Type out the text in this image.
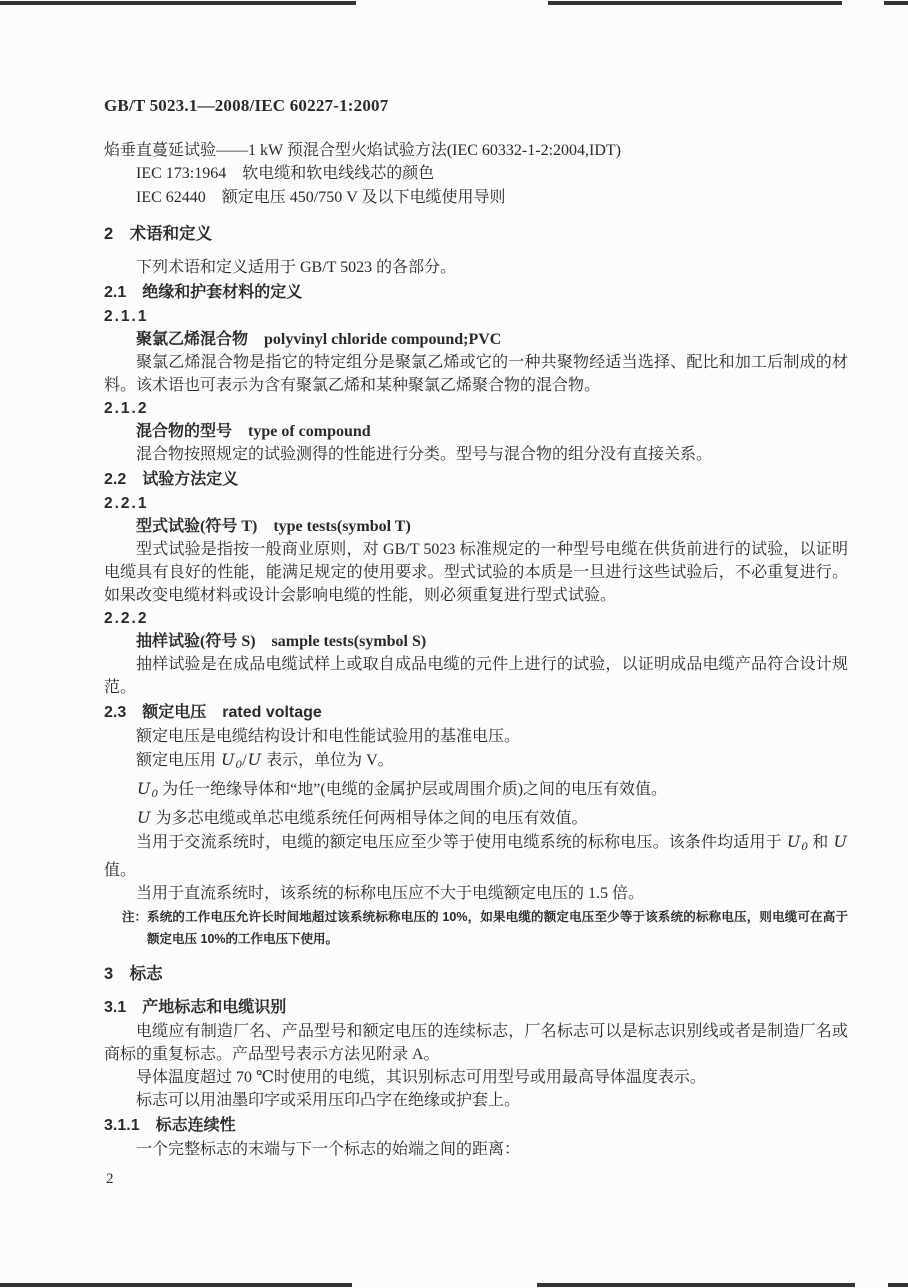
GB/T 5023.1—2008/IEC 60227-1:2007
焰垂直蔓延试验——1 kW 预混合型火焰试验方法(IEC 60332-1-2:2004,IDT)
IEC 173:1964　软电缆和软电线线芯的颜色
IEC 62440　额定电压 450/750 V 及以下电缆使用导则
2　术语和定义
下列术语和定义适用于 GB/T 5023 的各部分。
2.1　绝缘和护套材料的定义
2.1.1
聚氯乙烯混合物　polyvinyl chloride compound;PVC
聚氯乙烯混合物是指它的特定组分是聚氯乙烯或它的一种共聚物经适当选择、配比和加工后制成的材料。该术语也可表示为含有聚氯乙烯和某种聚氯乙烯聚合物的混合物。
2.1.2
混合物的型号　type of compound
混合物按照规定的试验测得的性能进行分类。型号与混合物的组分没有直接关系。
2.2　试验方法定义
2.2.1
型式试验(符号 T)　type tests(symbol T)
型式试验是指按一般商业原则，对 GB/T 5023 标准规定的一种型号电缆在供货前进行的试验，以证明电缆具有良好的性能，能满足规定的使用要求。型式试验的本质是一旦进行这些试验后，不必重复进行。如果改变电缆材料或设计会影响电缆的性能，则必须重复进行型式试验。
2.2.2
抽样试验(符号 S)　sample tests(symbol S)
抽样试验是在成品电缆试样上或取自成品电缆的元件上进行的试验，以证明成品电缆产品符合设计规范。
2.3　额定电压　rated voltage
额定电压是电缆结构设计和电性能试验用的基准电压。
额定电压用 U0/U 表示，单位为 V。
U0 为任一绝缘导体和“地”(电缆的金属护层或周围介质)之间的电压有效值。
U 为多芯电缆或单芯电缆系统任何两相导体之间的电压有效值。
当用于交流系统时，电缆的额定电压应至少等于使用电缆系统的标称电压。该条件均适用于 U0 和 U 值。
当用于直流系统时，该系统的标称电压应不大于电缆额定电压的 1.5 倍。
注： 系统的工作电压允许长时间地超过该系统标称电压的 10%，如果电缆的额定电压至少等于该系统的标称电压，则电缆可在高于额定电压 10%的工作电压下使用。
3　标志
3.1　产地标志和电缆识别
电缆应有制造厂名、产品型号和额定电压的连续标志，厂名标志可以是标志识别线或者是制造厂名或商标的重复标志。产品型号表示方法见附录 A。
导体温度超过 70 ℃时使用的电缆，其识别标志可用型号或用最高导体温度表示。
标志可以用油墨印字或采用压印凸字在绝缘或护套上。
3.1.1　标志连续性
一个完整标志的末端与下一个标志的始端之间的距离：
2
